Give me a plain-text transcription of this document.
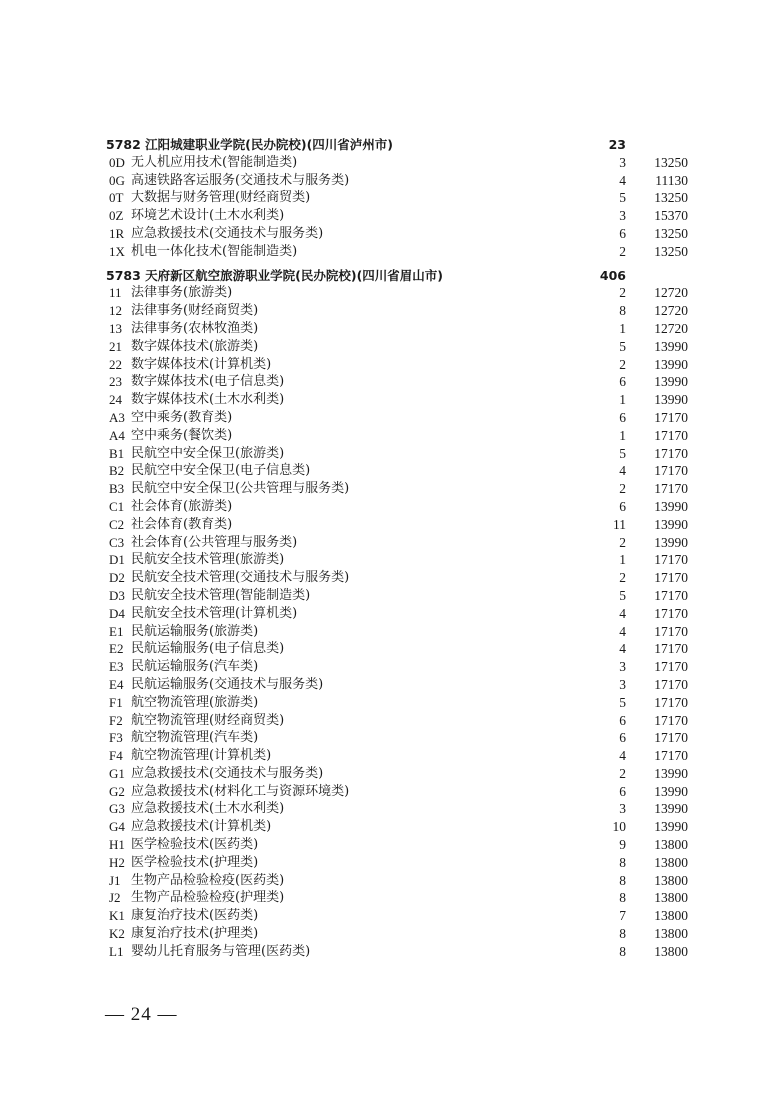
5782 江阳城建职业学院(民办院校)(四川省泸州市)	23
0D 无人机应用技术(智能制造类)	3	13250
0G 高速铁路客运服务(交通技术与服务类)	4	11130
0T 大数据与财务管理(财经商贸类)	5	13250
0Z 环境艺术设计(土木水利类)	3	15370
1R 应急救援技术(交通技术与服务类)	6	13250
1X 机电一体化技术(智能制造类)	2	13250
5783 天府新区航空旅游职业学院(民办院校)(四川省眉山市)	406
11 法律事务(旅游类)	2	12720
12 法律事务(财经商贸类)	8	12720
13 法律事务(农林牧渔类)	1	12720
21 数字媒体技术(旅游类)	5	13990
22 数字媒体技术(计算机类)	2	13990
23 数字媒体技术(电子信息类)	6	13990
24 数字媒体技术(土木水利类)	1	13990
A3 空中乘务(教育类)	6	17170
A4 空中乘务(餐饮类)	1	17170
B1 民航空中安全保卫(旅游类)	5	17170
B2 民航空中安全保卫(电子信息类)	4	17170
B3 民航空中安全保卫(公共管理与服务类)	2	17170
C1 社会体育(旅游类)	6	13990
C2 社会体育(教育类)	11	13990
C3 社会体育(公共管理与服务类)	2	13990
D1 民航安全技术管理(旅游类)	1	17170
D2 民航安全技术管理(交通技术与服务类)	2	17170
D3 民航安全技术管理(智能制造类)	5	17170
D4 民航安全技术管理(计算机类)	4	17170
E1 民航运输服务(旅游类)	4	17170
E2 民航运输服务(电子信息类)	4	17170
E3 民航运输服务(汽车类)	3	17170
E4 民航运输服务(交通技术与服务类)	3	17170
F1 航空物流管理(旅游类)	5	17170
F2 航空物流管理(财经商贸类)	6	17170
F3 航空物流管理(汽车类)	6	17170
F4 航空物流管理(计算机类)	4	17170
G1 应急救援技术(交通技术与服务类)	2	13990
G2 应急救援技术(材料化工与资源环境类)	6	13990
G3 应急救援技术(土木水利类)	3	13990
G4 应急救援技术(计算机类)	10	13990
H1 医学检验技术(医药类)	9	13800
H2 医学检验技术(护理类)	8	13800
J1 生物产品检验检疫(医药类)	8	13800
J2 生物产品检验检疫(护理类)	8	13800
K1 康复治疗技术(医药类)	7	13800
K2 康复治疗技术(护理类)	8	13800
L1 婴幼儿托育服务与管理(医药类)	8	13800
— 24 —
